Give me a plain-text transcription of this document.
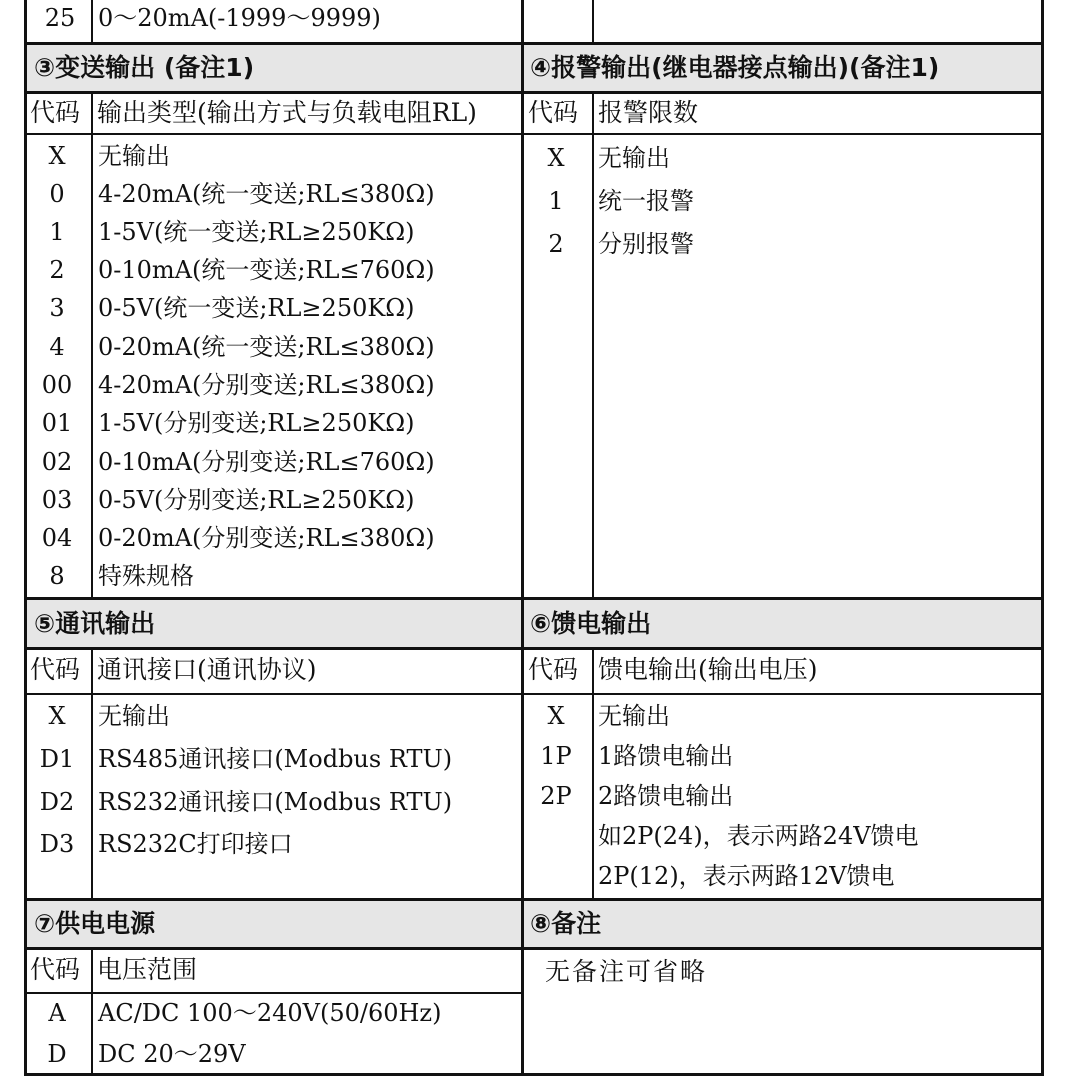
25 0～20mA(-1999～9999)
③变送输出 (备注1)	④报警输出(继电器接点输出)(备注1)
代码 输出类型(输出方式与负载电阻RL) 代码 报警限数
X	无输出
0	4-20mA(统一变送;RL≤380Ω)
1	1-5V(统一变送;RL≥250KΩ)
2	0-10mA(统一变送;RL≤760Ω)
3	0-5V(统一变送;RL≥250KΩ)
4	0-20mA(统一变送;RL≤380Ω)
00	4-20mA(分别变送;RL≤380Ω)
01	1-5V(分别变送;RL≥250KΩ)
02	0-10mA(分别变送;RL≤760Ω)
03	0-5V(分别变送;RL≥250KΩ)
04	0-20mA(分别变送;RL≤380Ω)
8	特殊规格
X	无输出
1	统一报警
2	分别报警
⑤通讯输出	⑥馈电输出
代码 通讯接口(通讯协议)	代码 馈电输出(输出电压)
X	无输出
D1 RS485通讯接口(Modbus RTU)
D2 RS232通讯接口(Modbus RTU)
D3 RS232C打印接口
X	无输出
1P	1路馈电输出
2P	2路馈电输出
如2P(24)，表示两路24V馈电
2P(12)，表示两路12V馈电
⑦供电电源	⑧备注
代码 电压范围
A	AC/DC 100～240V(50/60Hz)
D	DC 20～29V
无备注可省略
